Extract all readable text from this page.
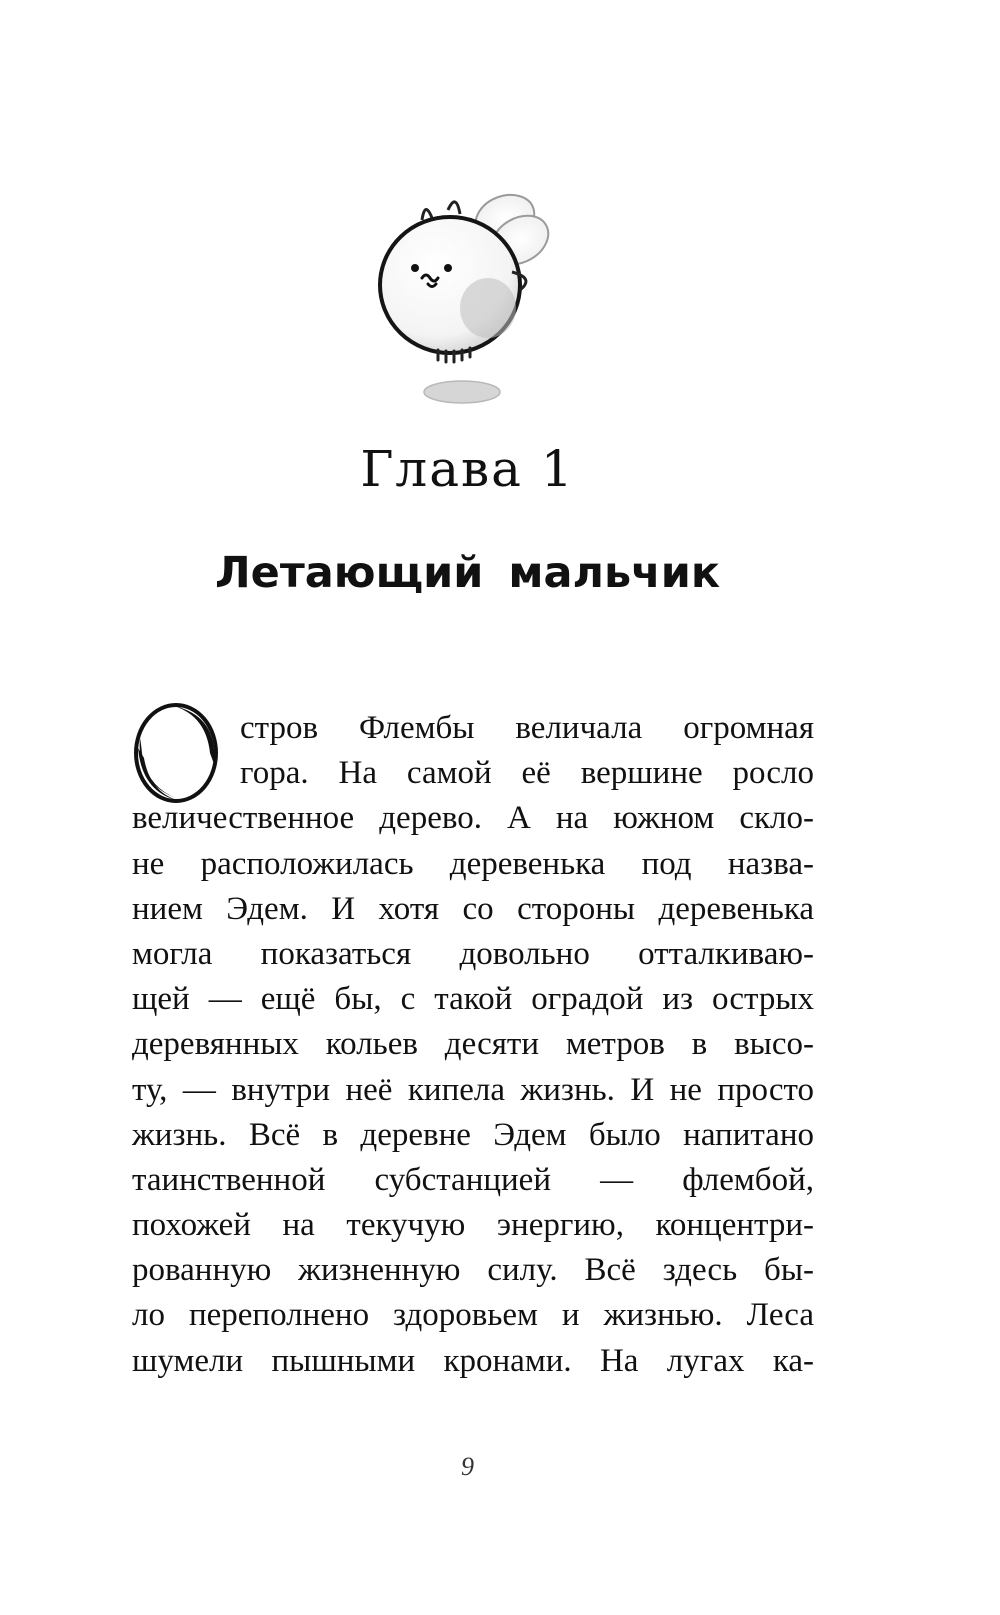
Глава 1
Летающий мальчик
стров Флембы величала огромная
гора. На самой её вершине росло
величественное дерево. А на южном скло-
не расположилась деревенька под назва-
нием Эдем. И хотя со стороны деревенька
могла показаться довольно отталкиваю-
щей — ещё бы, с такой оградой из острых
деревянных кольев десяти метров в высо-
ту, — внутри неё кипела жизнь. И не просто
жизнь. Всё в деревне Эдем было напитано
таинственной субстанцией — флембой,
похожей на текучую энергию, концентри-
рованную жизненную силу. Всё здесь бы-
ло переполнено здоровьем и жизнью. Леса
шумели пышными кронами. На лугах ка-
9
